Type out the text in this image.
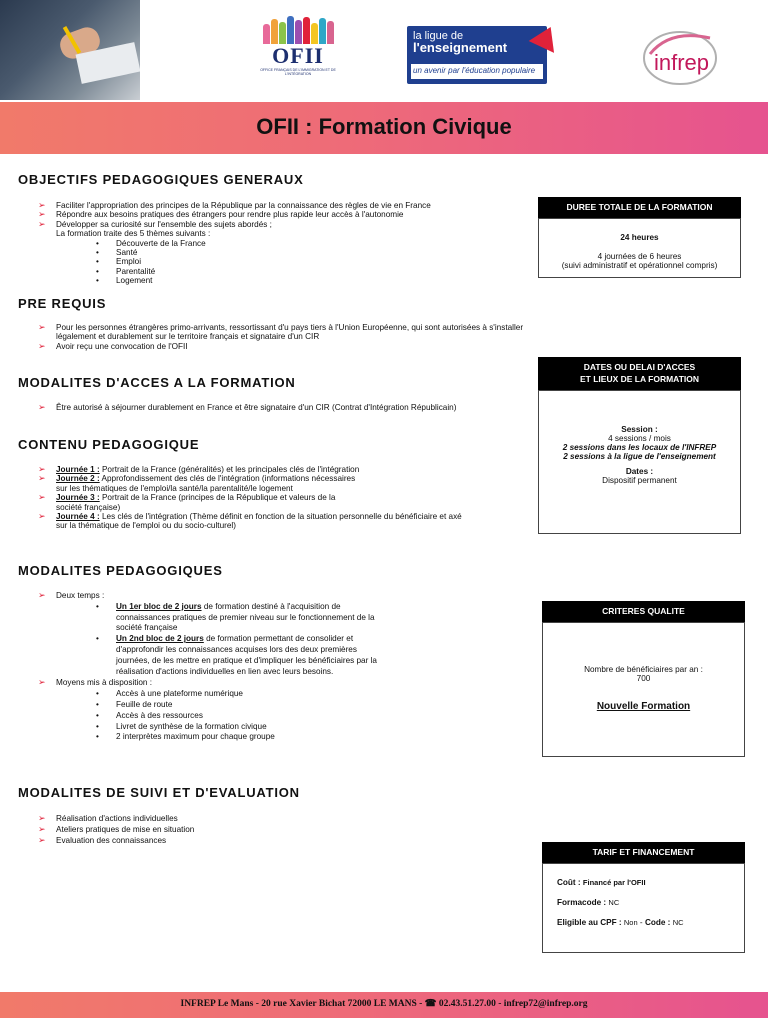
OFII
OFFICE FRANÇAIS DE L'IMMIGRATION ET DE L'INTÉGRATION
la ligue de
l'enseignement
un avenir par l'éducation populaire	infrep
OFII : Formation Civique
OBJECTIFS PEDAGOGIQUES GENERAUX
➢ Faciliter l'appropriation des principes de la République par la connaissance des règles de vie en France
➢ Répondre aux besoins pratiques des étrangers pour rendre plus rapide leur accès à l'autonomie
➢ Développer sa curiosité sur l'ensemble des sujets abordés ;
La formation traite des 5 thèmes suivants :
• Découverte de la France
• Santé
• Emploi
• Parentalité
• Logement
PRE REQUIS
➢ Pour les personnes étrangères primo-arrivants, ressortissant d'u pays tiers à l'Union Européenne, qui sont autorisées à s'installer
légalement et durablement sur le territoire français et signataire d'un CIR
➢ Avoir reçu une convocation de l'OFII
MODALITES D'ACCES A LA FORMATION
➢ Être autorisé à séjourner durablement en France et être signataire d'un CIR (Contrat d'Intégration Républicain)
CONTENU PEDAGOGIQUE
➢ Journée 1 : Portrait de la France (généralités) et les principales clés de l'intégration
➢ Journée 2 : Approfondissement des clés de l'intégration (informations nécessaires
sur les thématiques de l'emploi/la santé/la parentalité/le logement
➢ Journée 3 : Portrait de la France (principes de la République et valeurs de la
société française)
➢ Journée 4 : Les clés de l'intégration (Thème définit en fonction de la situation personnelle du bénéficiaire et axé
sur la thématique de l'emploi ou du socio-culturel)
MODALITES PEDAGOGIQUES
➢ Deux temps :
• Un 1er bloc de 2 jours de formation destiné à l'acquisition de
connaissances pratiques de premier niveau sur le fonctionnement de la
société française
• Un 2nd bloc de 2 jours de formation permettant de consolider et
d'approfondir les connaissances acquises lors des deux premières
journées, de les mettre en pratique et d'impliquer les bénéficiaires par la
réalisation d'actions individuelles en lien avec leurs besoins.
➢ Moyens mis à disposition :
• Accès à une plateforme numérique
• Feuille de route
• Accès à des ressources
• Livret de synthèse de la formation civique
• 2 interprètes maximum pour chaque groupe
MODALITES DE SUIVI ET D'EVALUATION
➢ Réalisation d'actions individuelles
➢ Ateliers pratiques de mise en situation
➢ Evaluation des connaissances
DUREE TOTALE DE LA FORMATION
24 heures
4 journées de 6 heures
(suivi administratif et opérationnel compris)
DATES OU DELAI D'ACCES
ET LIEUX DE LA FORMATION
Session :
4 sessions / mois
2 sessions dans les locaux de l'INFREP
2 sessions à la ligue de l'enseignement
Dates :
Dispositif permanent
CRITERES QUALITE
Nombre de bénéficiaires par an :
700
Nouvelle Formation
TARIF ET FINANCEMENT
Coût : Financé par l'OFII
Formacode : NC
Eligible au CPF : Non - Code : NC
INFREP Le Mans - 20 rue Xavier Bichat 72000 LE MANS - ☎ 02.43.51.27.00 - infrep72@infrep.org
